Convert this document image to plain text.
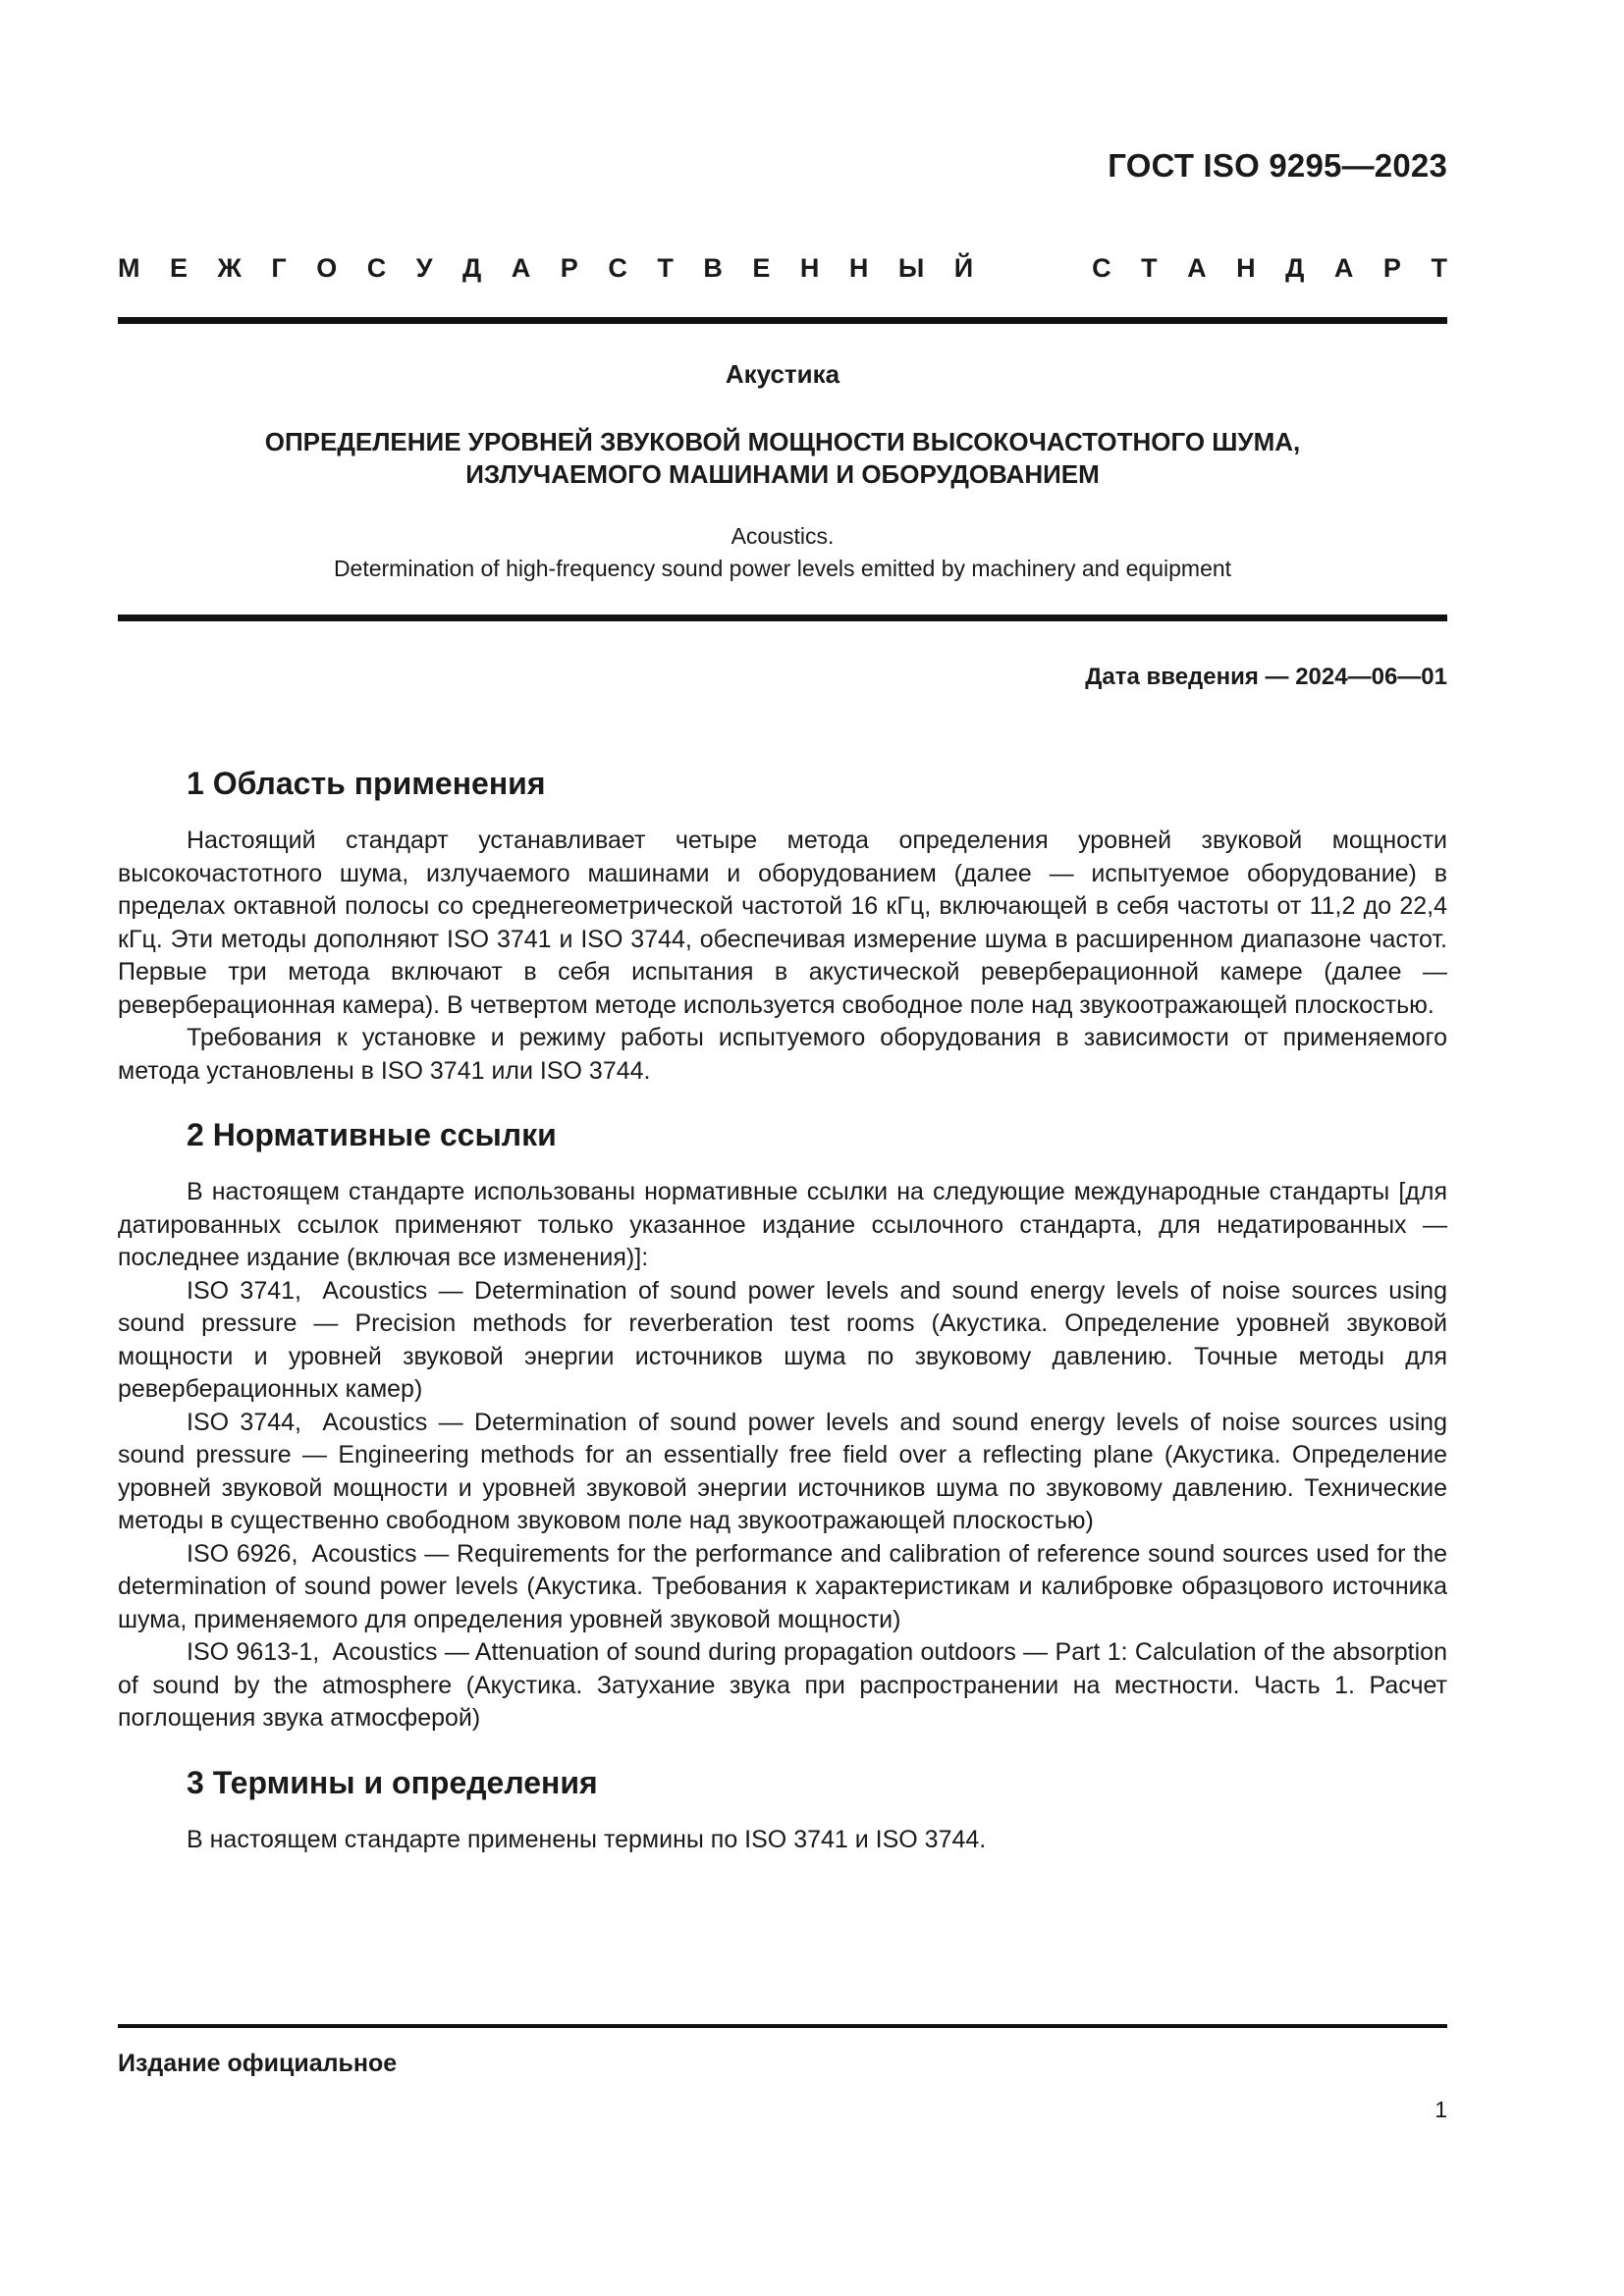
ГОСТ ISO 9295—2023
М Е Ж Г О С У Д А Р С Т В Е Н Н Ы Й	С Т А Н Д А Р Т

Акустика

ОПРЕДЕЛЕНИЕ УРОВНЕЙ ЗВУКОВОЙ МОЩНОСТИ ВЫСОКОЧАСТОТНОГО ШУМА,
ИЗЛУЧАЕМОГО МАШИНАМИ И ОБОРУДОВАНИЕМ

Acoustics.
Determination of high-frequency sound power levels emitted by machinery and equipment

Дата введения — 2024—06—01

1 Область применения

Настоящий стандарт устанавливает четыре метода определения уровней звуковой мощности высокочастотного шума, излучаемого машинами и оборудованием (далее — испытуемое оборудование) в пределах октавной полосы со среднегеометрической частотой 16 кГц, включающей в себя частоты от 11,2 до 22,4 кГц. Эти методы дополняют ISO 3741 и ISO 3744, обеспечивая измерение шума в расширенном диапазоне частот. Первые три метода включают в себя испытания в акустической реверберационной камере (далее — реверберационная камера). В четвертом методе используется свободное поле над звукоотражающей плоскостью.

Требования к установке и режиму работы испытуемого оборудования в зависимости от применяемого метода установлены в ISO 3741 или ISO 3744.

2 Нормативные ссылки

В настоящем стандарте использованы нормативные ссылки на следующие международные стандарты [для датированных ссылок применяют только указанное издание ссылочного стандарта, для недатированных — последнее издание (включая все изменения)]:

ISO 3741, Acoustics — Determination of sound power levels and sound energy levels of noise sources using sound pressure — Precision methods for reverberation test rooms (Акустика. Определение уровней звуковой мощности и уровней звуковой энергии источников шума по звуковому давлению. Точные методы для реверберационных камер)

ISO 3744, Acoustics — Determination of sound power levels and sound energy levels of noise sources using sound pressure — Engineering methods for an essentially free field over a reflecting plane (Акустика. Определение уровней звуковой мощности и уровней звуковой энергии источников шума по звуковому давлению. Технические методы в существенно свободном звуковом поле над звукоотражающей плоскостью)

ISO 6926, Acoustics — Requirements for the performance and calibration of reference sound sources used for the determination of sound power levels (Акустика. Требования к характеристикам и калибровке образцового источника шума, применяемого для определения уровней звуковой мощности)

ISO 9613-1, Acoustics — Attenuation of sound during propagation outdoors — Part 1: Calculation of the absorption of sound by the atmosphere (Акустика. Затухание звука при распространении на местности. Часть 1. Расчет поглощения звука атмосферой)

3 Термины и определения

В настоящем стандарте применены термины по ISO 3741 и ISO 3744.

Издание официальное

1
